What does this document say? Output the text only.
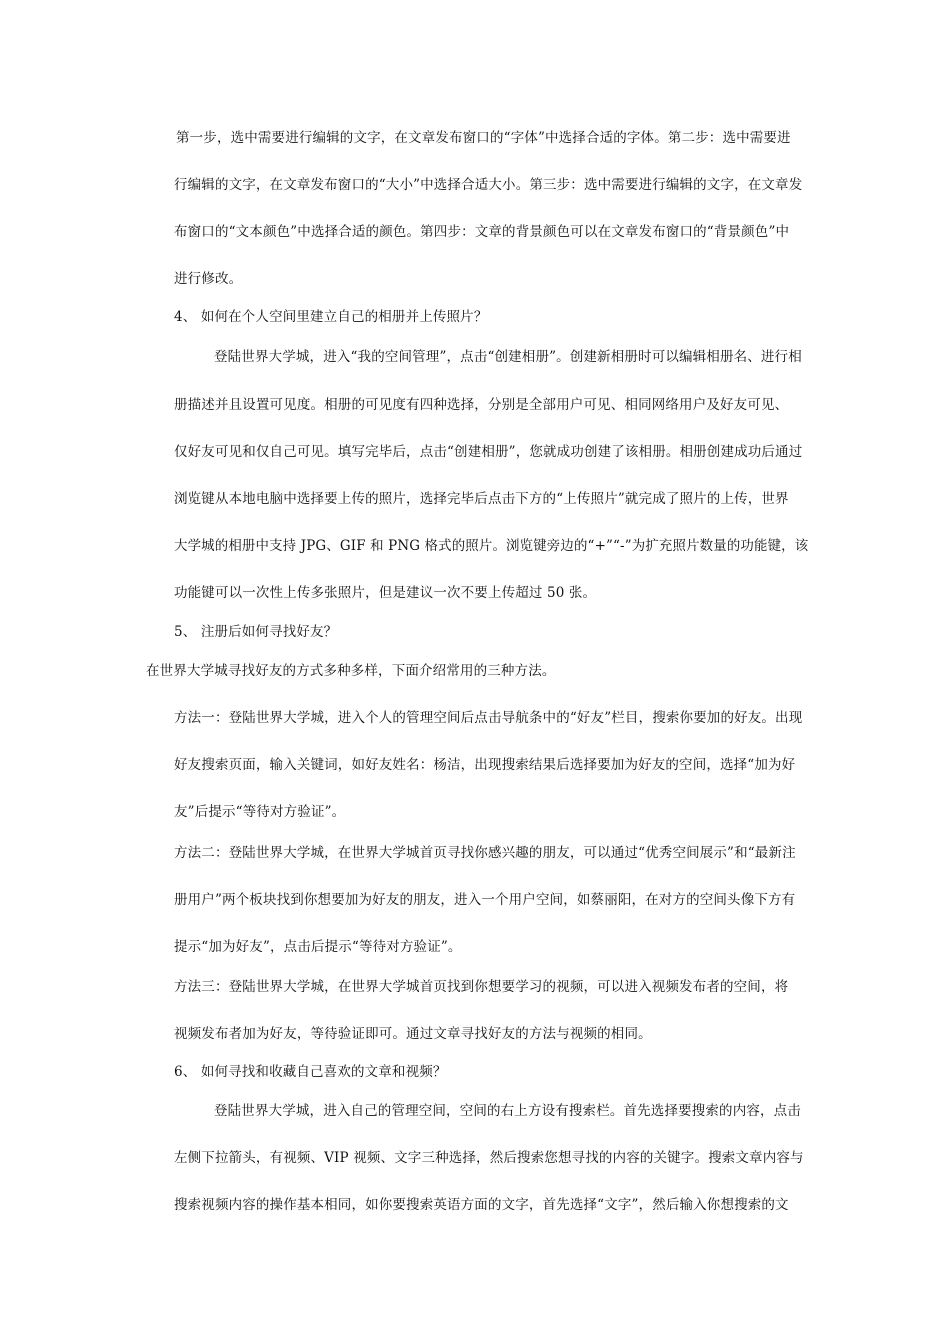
第一步，选中需要进行编辑的文字，在文章发布窗口的“字体”中选择合适的字体。第二步：选中需要进
行编辑的文字，在文章发布窗口的“大小”中选择合适大小。第三步：选中需要进行编辑的文字，在文章发
布窗口的“文本颜色”中选择合适的颜色。第四步：文章的背景颜色可以在文章发布窗口的“背景颜色”中
进行修改。
4、 如何在个人空间里建立自己的相册并上传照片？
登陆世界大学城，进入“我的空间管理”，点击“创建相册”。创建新相册时可以编辑相册名、进行相
册描述并且设置可见度。相册的可见度有四种选择，分别是全部用户可见、相同网络用户及好友可见、
仅好友可见和仅自己可见。填写完毕后，点击“创建相册”，您就成功创建了该相册。相册创建成功后通过
浏览键从本地电脑中选择要上传的照片，选择完毕后点击下方的“上传照片”就完成了照片的上传，世界
大学城的相册中支持 JPG、GIF 和 PNG 格式的照片。浏览键旁边的“+”“-”为扩充照片数量的功能键，该
功能键可以一次性上传多张照片，但是建议一次不要上传超过 50 张。
5、 注册后如何寻找好友？
在世界大学城寻找好友的方式多种多样，下面介绍常用的三种方法。
方法一：登陆世界大学城，进入个人的管理空间后点击导航条中的“好友”栏目，搜索你要加的好友。出现
好友搜索页面，输入关键词，如好友姓名：杨洁，出现搜索结果后选择要加为好友的空间，选择“加为好
友”后提示“等待对方验证”。
方法二：登陆世界大学城，在世界大学城首页寻找你感兴趣的朋友，可以通过“优秀空间展示”和“最新注
册用户”两个板块找到你想要加为好友的朋友，进入一个用户空间，如蔡丽阳，在对方的空间头像下方有
提示“加为好友”，点击后提示“等待对方验证”。
方法三：登陆世界大学城，在世界大学城首页找到你想要学习的视频，可以进入视频发布者的空间，将
视频发布者加为好友，等待验证即可。通过文章寻找好友的方法与视频的相同。
6、 如何寻找和收藏自己喜欢的文章和视频？
登陆世界大学城，进入自己的管理空间，空间的右上方设有搜索栏。首先选择要搜索的内容，点击
左侧下拉箭头，有视频、VIP 视频、文字三种选择，然后搜索您想寻找的内容的关键字。搜索文章内容与
搜索视频内容的操作基本相同，如你要搜索英语方面的文字，首先选择“文字”，然后输入你想搜索的文
